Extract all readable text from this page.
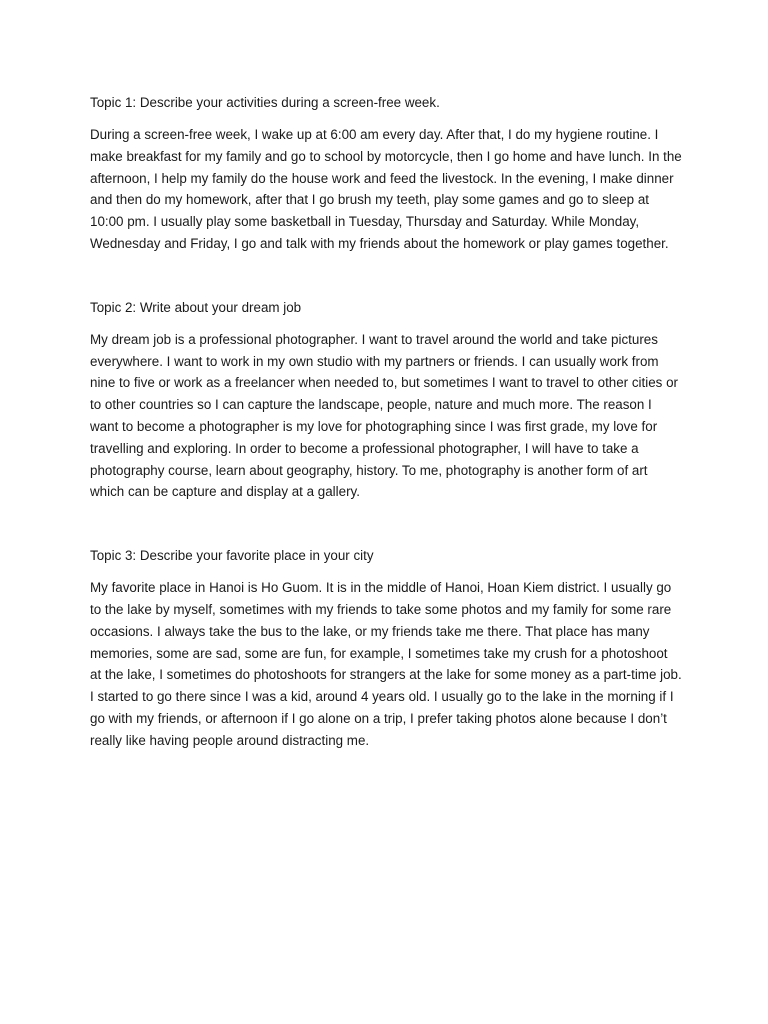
Topic 1: Describe your activities during a screen-free week.

During a screen-free week, I wake up at 6:00 am every day. After that, I do my hygiene routine. I make breakfast for my family and go to school by motorcycle, then I go home and have lunch. In the afternoon, I help my family do the house work and feed the livestock. In the evening, I make dinner and then do my homework, after that I go brush my teeth, play some games and go to sleep at 10:00 pm. I usually play some basketball in Tuesday, Thursday and Saturday. While Monday, Wednesday and Friday, I go and talk with my friends about the homework or play games together.

Topic 2: Write about your dream job

My dream job is a professional photographer. I want to travel around the world and take pictures everywhere. I want to work in my own studio with my partners or friends. I can usually work from nine to five or work as a freelancer when needed to, but sometimes I want to travel to other cities or to other countries so I can capture the landscape, people, nature and much more. The reason I want to become a photographer is my love for photographing since I was first grade, my love for travelling and exploring. In order to become a professional photographer, I will have to take a photography course, learn about geography, history. To me, photography is another form of art which can be capture and display at a gallery.

Topic 3: Describe your favorite place in your city

My favorite place in Hanoi is Ho Guom. It is in the middle of Hanoi, Hoan Kiem district. I usually go to the lake by myself, sometimes with my friends to take some photos and my family for some rare occasions. I always take the bus to the lake, or my friends take me there. That place has many memories, some are sad, some are fun, for example, I sometimes take my crush for a photoshoot at the lake, I sometimes do photoshoots for strangers at the lake for some money as a part-time job. I started to go there since I was a kid, around 4 years old. I usually go to the lake in the morning if I go with my friends, or afternoon if I go alone on a trip, I prefer taking photos alone because I don’t really like having people around distracting me.
